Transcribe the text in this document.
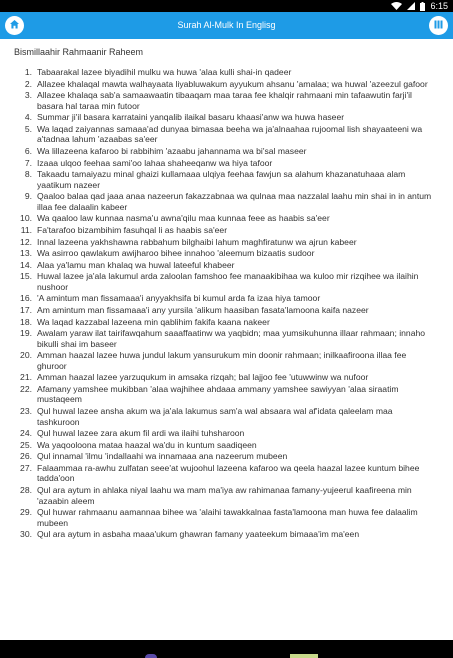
6:15
Surah Al-Mulk In Englisg
Bismillaahir Rahmaanir Raheem
1. Tabaarakal lazee biyadihil mulku wa huwa 'alaa kulli shai-in qadeer
2. Allazee khalaqal mawta walhayaata liyabluwakum ayyukum ahsanu 'amalaa; wa huwal 'azeezul gafoor
3. Allazee khalaqa sab'a samaawaatin tibaaqam maa taraa fee khalqir rahmaani min tafaawutin farji'il basara hal taraa min futoor
4. Summar ji'il basara karrataini yanqalib ilaikal basaru khaasi'anw wa huwa haseer
5. Wa laqad zaiyannas samaaa'ad dunyaa bimasaa beeha wa ja'alnaahaa rujoomal lish shayaateeni wa a'tadnaa lahum 'azaabas sa'eer
6. Wa lillazeena kafaroo bi rabbihim 'azaabu jahannama wa bi'sal maseer
7. Izaaa ulqoo feehaa sami'oo lahaa shaheeqanw wa hiya tafoor
8. Takaadu tamaiyazu minal ghaizi kullamaaa ulqiya feehaa fawjun sa alahum khazanatuhaaa alam yaatikum nazeer
9. Qaaloo balaa qad jaaa anaa nazeerun fakazzabnaa wa qulnaa maa nazzalal laahu min shai in in antum illaa fee dalaalin kabeer
10. Wa qaaloo law kunnaa nasma'u awna'qilu maa kunnaa feee as haabis sa'eer
11. Fa'tarafoo bizambihim fasuhqal li as haabis sa'eer
12. Innal lazeena yakhshawna rabbahum bilghaibi lahum maghfiratunw wa ajrun kabeer
13. Wa asirroo qawlakum awijharoo bihee innahoo 'aleemum bizaatis sudoor
14. Alaa ya'lamu man khalaq wa huwal lateeful khabeer
15. Huwal lazee ja'ala lakumul arda zaloolan famshoo fee manaakibihaa wa kuloo mir rizqihee wa ilaihin nushoor
16. 'A amintum man fissamaaa'i anyyakhsifa bi kumul arda fa izaa hiya tamoor
17. Am amintum man fissamaaa'i any yursila 'alikum haasiban fasata'lamoona kaifa nazeer
18. Wa laqad kazzabal lazeena min qablihim fakifa kaana nakeer
19. Awalam yaraw ilat tairifawqahum saaaffaatinw wa yaqbidn; maa yumsikuhunna illaar rahmaan; innaho bikulli shai im baseer
20. Amman haazal lazee huwa jundul lakum yansurukum min doonir rahmaan; inilkaafiroona illaa fee ghuroor
21. Amman haazal lazee yarzuqukum in amsaka rizqah; bal lajjoo fee 'utuwwinw wa nufoor
22. Afamany yamshee mukibban 'alaa wajhihee ahdaaa ammany yamshee sawiyyan 'alaa siraatim mustaqeem
23. Qul huwal lazee ansha akum wa ja'ala lakumus sam'a wal absaara wal af'idata qaleelam maa tashkuroon
24. Qul huwal lazee zara akum fil ardi wa ilaihi tuhsharoon
25. Wa yaqooloona mataa haazal wa'du in kuntum saadiqeen
26. Qul innamal 'ilmu 'indallaahi wa innamaaa ana nazeerum mubeen
27. Falaammaa ra-awhu zulfatan seee'at wujoohul lazeena kafaroo wa qeela haazal lazee kuntum bihee tadda'oon
28. Qul ara aytum in ahlaka niyal laahu wa mam ma'iya aw rahimanaa famany-yujeerul kaafireena min 'azaabin aleem
29. Qul huwar rahmaanu aamannaa bihee wa 'alaihi tawakkalnaa fasta'lamoona man huwa fee dalaalim mubeen
30. Qul ara aytum in asbaha maaa'ukum ghawran famany yaateekum bimaaa'im ma'een
